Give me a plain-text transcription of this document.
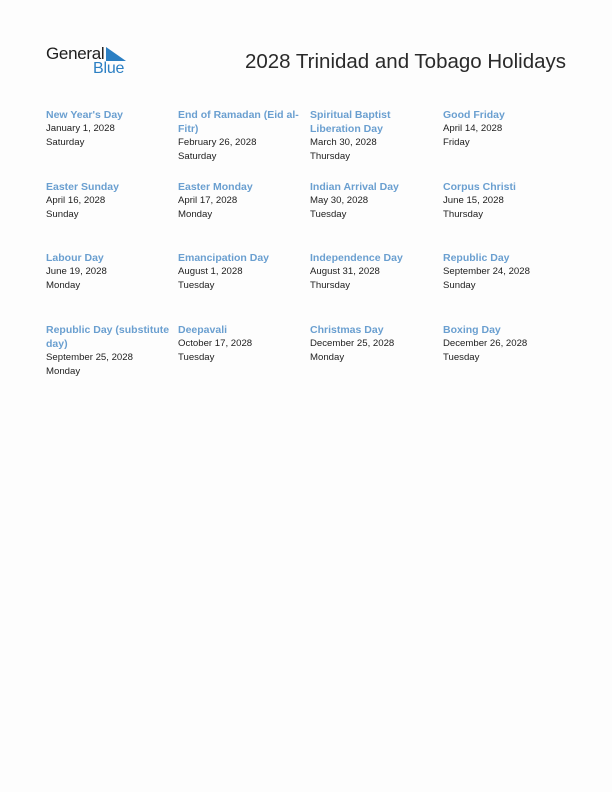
General
Blue	2028 Trinidad and Tobago Holidays
New Year's Day
January 1, 2028
Saturday
End of Ramadan (Eid al-Fitr)
February 26, 2028
Saturday
Spiritual Baptist Liberation Day
March 30, 2028
Thursday
Good Friday
April 14, 2028
Friday
Easter Sunday
April 16, 2028
Sunday
Easter Monday
April 17, 2028
Monday
Indian Arrival Day
May 30, 2028
Tuesday
Corpus Christi
June 15, 2028
Thursday
Labour Day
June 19, 2028
Monday
Emancipation Day
August 1, 2028
Tuesday
Independence Day
August 31, 2028
Thursday
Republic Day
September 24, 2028
Sunday
Republic Day (substitute day)
September 25, 2028
Monday
Deepavali
October 17, 2028
Tuesday
Christmas Day
December 25, 2028
Monday
Boxing Day
December 26, 2028
Tuesday
